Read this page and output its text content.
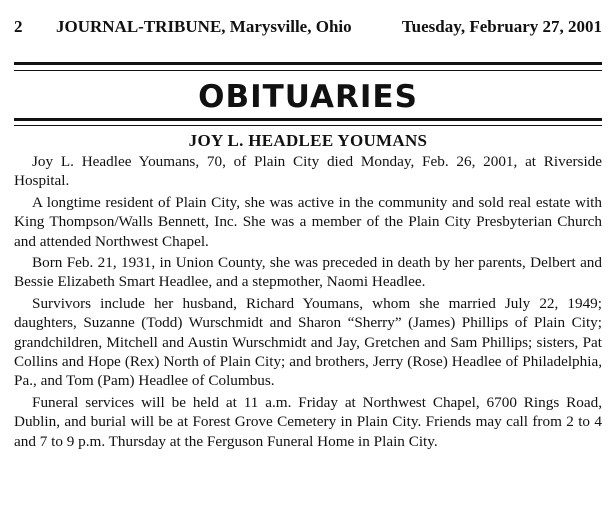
2 JOURNAL-TRIBUNE, Marysville, Ohio	Tuesday, February 27, 2001
OBITUARIES
JOY L. HEADLEE YOUMANS

Joy L. Headlee Youmans, 70, of Plain City died Monday, Feb. 26, 2001, at Riverside Hospital.

A longtime resident of Plain City, she was active in the community and sold real estate with King Thompson/Walls Bennett, Inc. She was a member of the Plain City Presbyterian Church and attended Northwest Chapel.

Born Feb. 21, 1931, in Union County, she was preceded in death by her parents, Delbert and Bessie Elizabeth Smart Headlee, and a stepmother, Naomi Headlee.

Survivors include her husband, Richard Youmans, whom she married July 22, 1949; daughters, Suzanne (Todd) Wurschmidt and Sharon “Sherry” (James) Phillips of Plain City; grandchildren, Mitchell and Austin Wurschmidt and Jay, Gretchen and Sam Phillips; sisters, Pat Collins and Hope (Rex) North of Plain City; and brothers, Jerry (Rose) Headlee of Philadelphia, Pa., and Tom (Pam) Headlee of Columbus.

Funeral services will be held at 11 a.m. Friday at Northwest Chapel, 6700 Rings Road, Dublin, and burial will be at Forest Grove Cemetery in Plain City. Friends may call from 2 to 4 and 7 to 9 p.m. Thursday at the Ferguson Funeral Home in Plain City.
